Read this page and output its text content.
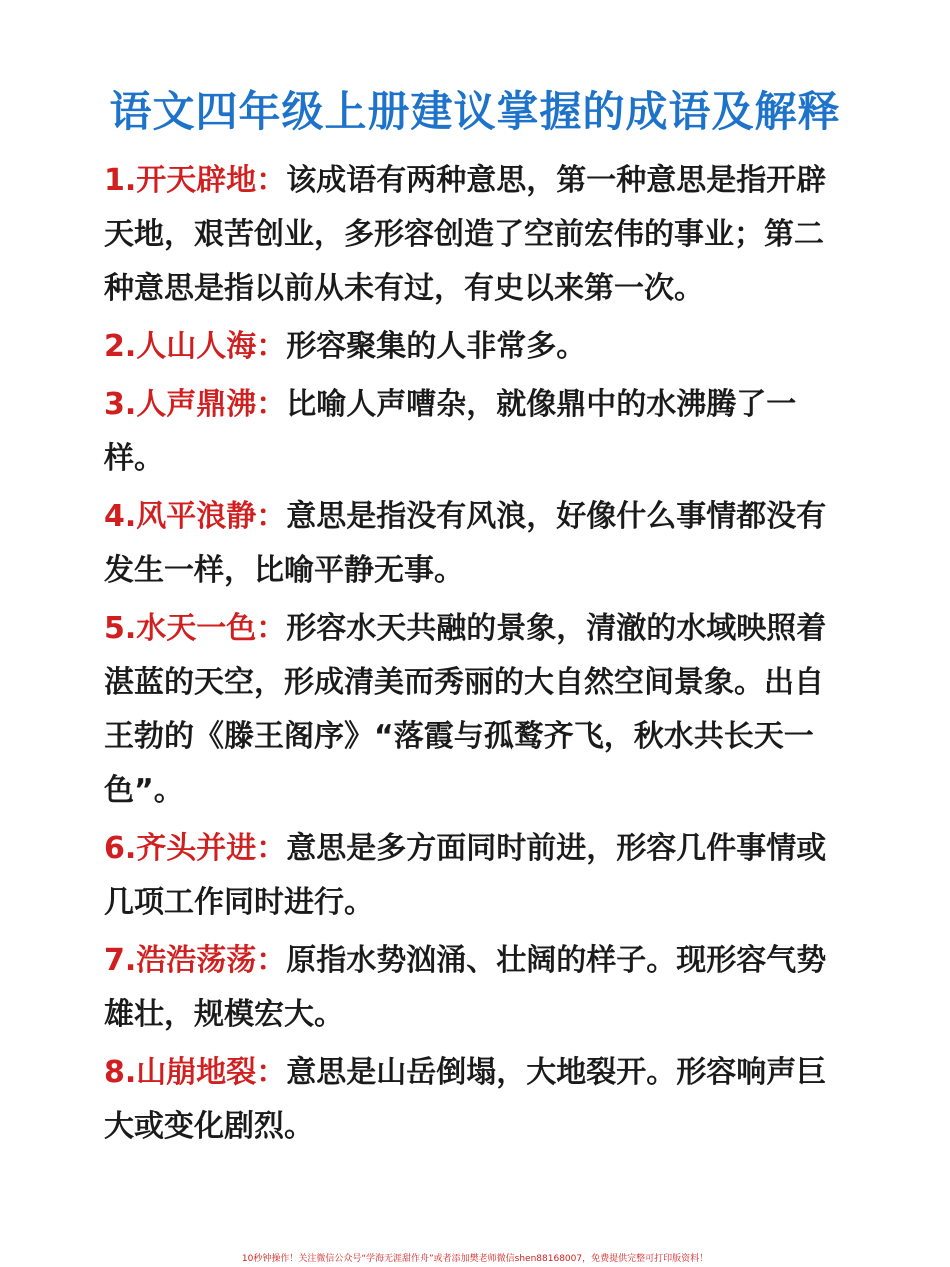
语文四年级上册建议掌握的成语及解释

1.开天辟地：该成语有两种意思，第一种意思是指开辟天地，艰苦创业，多形容创造了空前宏伟的事业；第二种意思是指以前从未有过，有史以来第一次。

2.人山人海：形容聚集的人非常多。

3.人声鼎沸：比喻人声嘈杂，就像鼎中的水沸腾了一样。

4.风平浪静：意思是指没有风浪，好像什么事情都没有发生一样，比喻平静无事。

5.水天一色：形容水天共融的景象，清澈的水域映照着湛蓝的天空，形成清美而秀丽的大自然空间景象。出自王勃的《滕王阁序》“落霞与孤鹜齐飞，秋水共长天一色”。

6.齐头并进：意思是多方面同时前进，形容几件事情或几项工作同时进行。

7.浩浩荡荡：原指水势汹涌、壮阔的样子。现形容气势雄壮，规模宏大。

8.山崩地裂：意思是山岳倒塌，大地裂开。形容响声巨大或变化剧烈。

10秒钟操作！关注微信公众号“学海无涯甜作舟”或者添加樊老师微信shen88168007，免费提供完整可打印版资料！
